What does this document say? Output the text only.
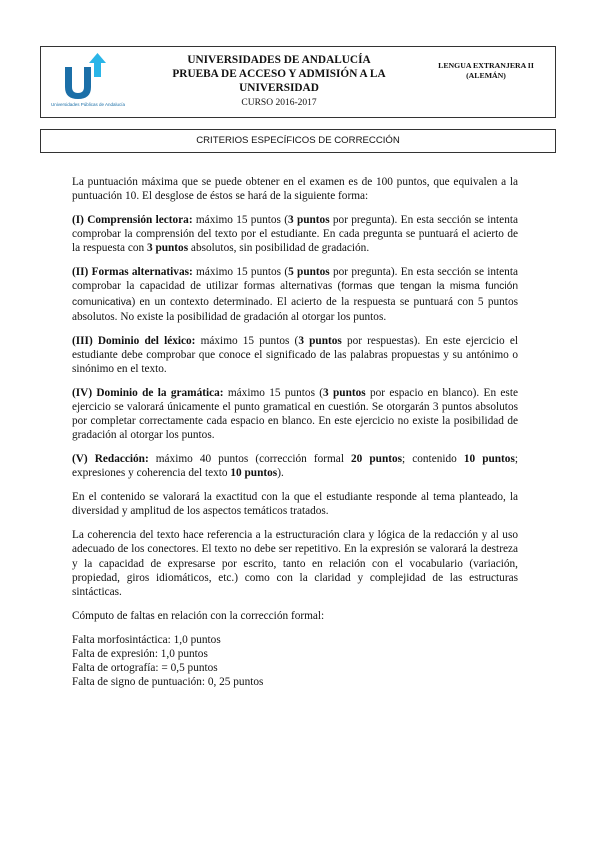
Universidades Públicas de Andalucía
UNIVERSIDADES DE ANDALUCÍA
PRUEBA DE ACCESO Y ADMISIÓN A LA
UNIVERSIDAD
CURSO 2016-2017
LENGUA EXTRANJERA II
(ALEMÁN)
CRITERIOS ESPECÍFICOS DE CORRECCIÓN

La puntuación máxima que se puede obtener en el examen es de 100 puntos, que equivalen a la puntuación 10. El desglose de éstos se hará de la siguiente forma:

(I) Comprensión lectora: máximo 15 puntos (3 puntos por pregunta). En esta sección se intenta comprobar la comprensión del texto por el estudiante. En cada pregunta se puntuará el acierto de la respuesta con 3 puntos absolutos, sin posibilidad de gradación.

(II) Formas alternativas: máximo 15 puntos (5 puntos por pregunta). En esta sección se intenta comprobar la capacidad de utilizar formas alternativas (formas que tengan la misma función comunicativa) en un contexto determinado. El acierto de la respuesta se puntuará con 5 puntos absolutos. No existe la posibilidad de gradación al otorgar los puntos.

(III) Dominio del léxico: máximo 15 puntos (3 puntos por respuestas). En este ejercicio el estudiante debe comprobar que conoce el significado de las palabras propuestas y su antónimo o sinónimo en el texto.

(IV) Dominio de la gramática: máximo 15 puntos (3 puntos por espacio en blanco). En este ejercicio se valorará únicamente el punto gramatical en cuestión. Se otorgarán 3 puntos absolutos por completar correctamente cada espacio en blanco. En este ejercicio no existe la posibilidad de gradación al otorgar los puntos.

(V) Redacción: máximo 40 puntos (corrección formal 20 puntos; contenido 10 puntos; expresiones y coherencia del texto 10 puntos).

En el contenido se valorará la exactitud con la que el estudiante responde al tema planteado, la diversidad y amplitud de los aspectos temáticos tratados.

La coherencia del texto hace referencia a la estructuración clara y lógica de la redacción y al uso adecuado de los conectores. El texto no debe ser repetitivo. En la expresión se valorará la destreza y la capacidad de expresarse por escrito, tanto en relación con el vocabulario (variación, propiedad, giros idiomáticos, etc.) como con la claridad y complejidad de las estructuras sintácticas.

Cómputo de faltas en relación con la corrección formal:

Falta morfosintáctica: 1,0 puntos
Falta de expresión: 1,0 puntos
Falta de ortografía: = 0,5 puntos
Falta de signo de puntuación: 0, 25 puntos
